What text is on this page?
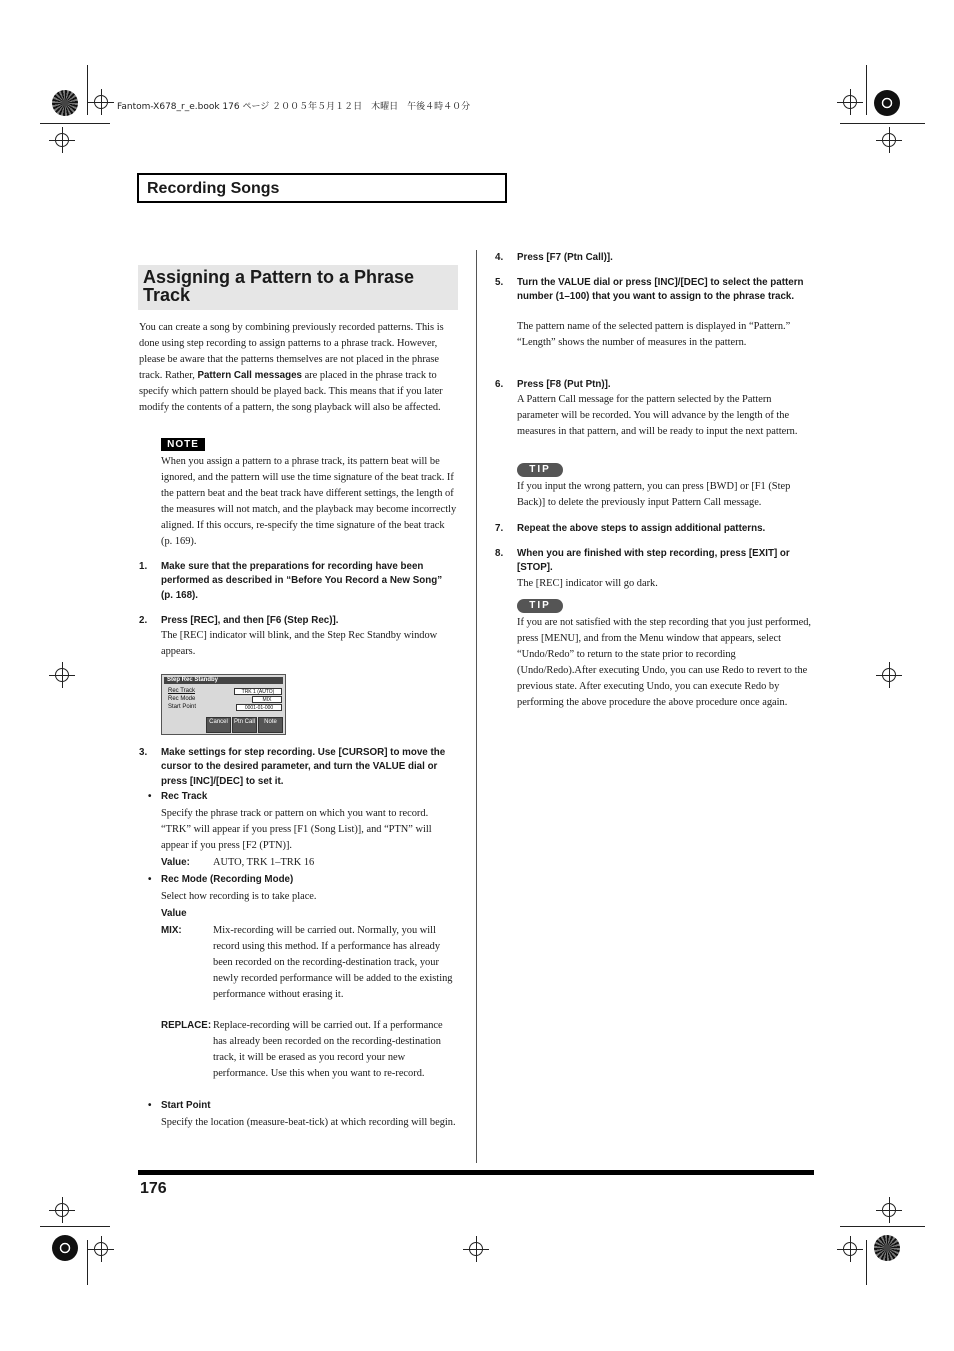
Fantom-X678_r_e.book 176 ページ ２００５年５月１２日　木曜日　午後４時４０分
Recording Songs
Assigning a Pattern to a Phrase Track
You can create a song by combining previously recorded patterns. This is done using step recording to assign patterns to a phrase track. However, please be aware that the patterns themselves are not placed in the phrase track. Rather, Pattern Call messages are placed in the phrase track to specify which pattern should be played back. This means that if you later modify the contents of a pattern, the song playback will also be affected.
NOTE
When you assign a pattern to a phrase track, its pattern beat will be ignored, and the pattern will use the time signature of the beat track. If the pattern beat and the beat track have different settings, the length of the measures will not match, and the playback may become incorrectly aligned. If this occurs, re-specify the time signature of the beat track (p. 169).
1. Make sure that the preparations for recording have been performed as described in “Before You Record a New Song” (p. 168).
2. Press [REC], and then [F6 (Step Rec)].
The [REC] indicator will blink, and the Step Rec Standby window appears.
Step Rec Standby
Rec Track
Rec Mode
Start Point
TRK 1 (AUTO)
MIX
0001-01-000
Cancel	Ptn Call	Note
3. Make settings for step recording. Use [CURSOR] to move the cursor to the desired parameter, and turn the VALUE dial or press [INC]/[DEC] to set it.
• Rec Track
Specify the phrase track or pattern on which you want to record. “TRK” will appear if you press [F1 (Song List)], and “PTN” will appear if you press [F2 (PTN)].
Value: AUTO, TRK 1–TRK 16
• Rec Mode (Recording Mode)
Select how recording is to take place.
Value
MIX:	Mix-recording will be carried out. Normally, you will record using this method. If a performance has already been recorded on the recording-destination track, your newly recorded performance will be added to the existing performance without erasing it.
REPLACE: Replace-recording will be carried out. If a performance has already been recorded on the recording-destination track, it will be erased as you record your new performance. Use this when you want to re-record.
• Start Point
Specify the location (measure-beat-tick) at which recording will begin.
4. Press [F7 (Ptn Call)].
5. Turn the VALUE dial or press [INC]/[DEC] to select the pattern number (1–100) that you want to assign to the phrase track.
The pattern name of the selected pattern is displayed in “Pattern.” “Length” shows the number of measures in the pattern.
6. Press [F8 (Put Ptn)].
A Pattern Call message for the pattern selected by the Pattern parameter will be recorded. You will advance by the length of the measures in that pattern, and will be ready to input the next pattern.
TIP
If you input the wrong pattern, you can press [BWD] or [F1 (Step Back)] to delete the previously input Pattern Call message.
7. Repeat the above steps to assign additional patterns.
8. When you are finished with step recording, press [EXIT] or [STOP].
The [REC] indicator will go dark.
TIP
If you are not satisfied with the step recording that you just performed, press [MENU], and from the Menu window that appears, select “Undo/Redo” to return to the state prior to recording (Undo/Redo).After executing Undo, you can use Redo to revert to the previous state. After executing Undo, you can execute Redo by performing the above procedure the above procedure once again.
176
